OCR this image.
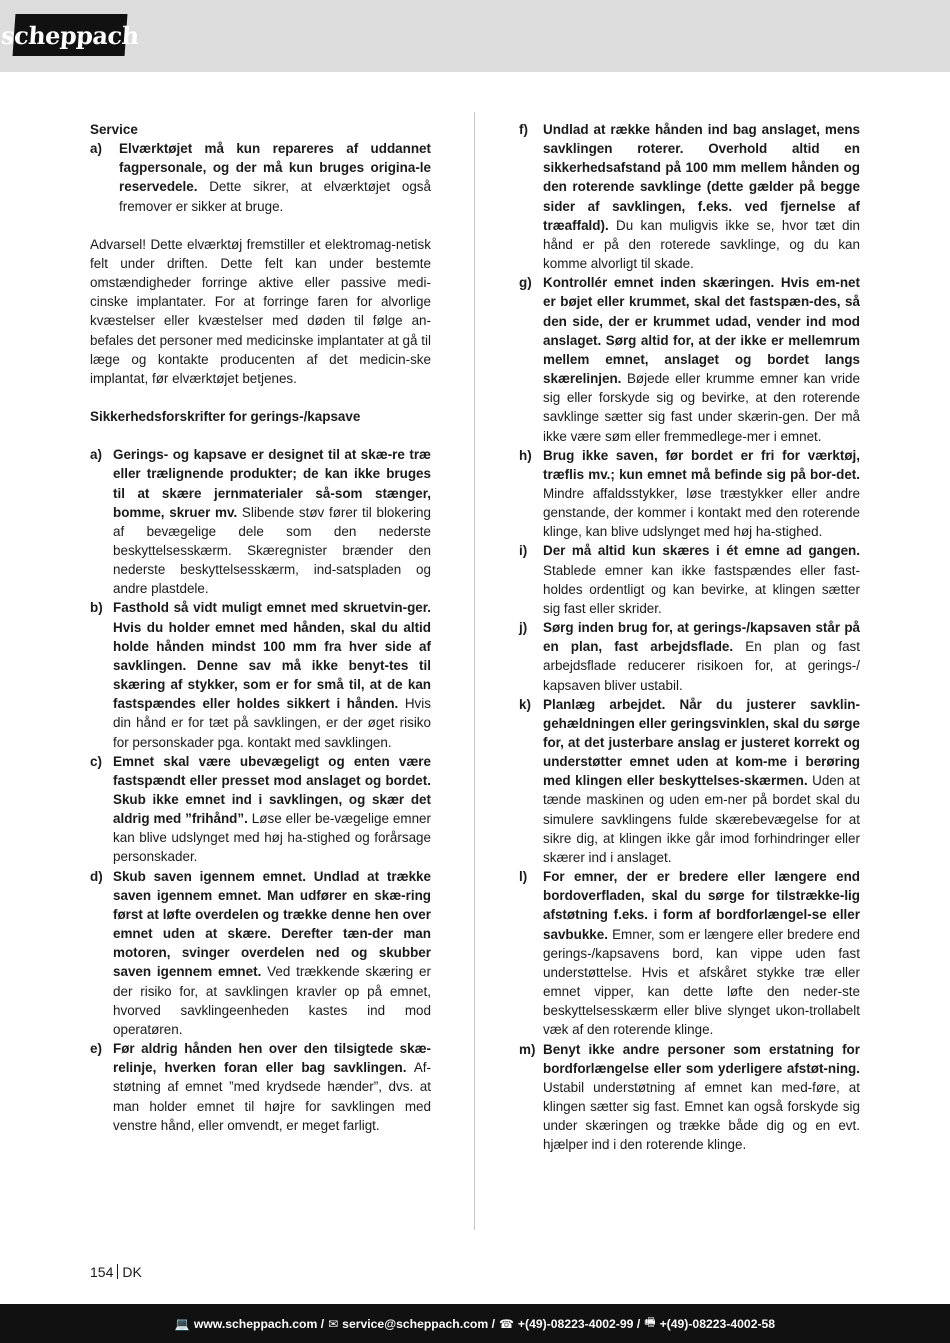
scheppach
Service
a) Elværktøjet må kun repareres af uddannet fagpersonale, og der må kun bruges origina-le reservedele. Dette sikrer, at elværktøjet også fremover er sikker at bruge.
Advarsel! Dette elværktøj fremstiller et elektromag-netisk felt under driften. Dette felt kan under bestemte omstændigheder forringe aktive eller passive medi-cinske implantater. For at forringe faren for alvorlige kvæstelser eller kvæstelser med døden til følge an-befales det personer med medicinske implantater at gå til læge og kontakte producenten af det medicin-ske implantat, før elværktøjet betjenes.
Sikkerhedsforskrifter for gerings-/kapsave
a) Gerings- og kapsave er designet til at skæ-re træ eller trælignende produkter; de kan ikke bruges til at skære jernmaterialer så-som stænger, bomme, skruer mv. Slibende støv fører til blokering af bevægelige dele som den nederste beskyttelsesskærm. Skæregnister brænder den nederste beskyttelsesskærm, ind-satspladen og andre plastdele.
b) Fasthold så vidt muligt emnet med skruetvin-ger. Hvis du holder emnet med hånden, skal du altid holde hånden mindst 100 mm fra hver side af savklingen. Denne sav må ikke benyt-tes til skæring af stykker, som er for små til, at de kan fastspændes eller holdes sikkert i hånden. Hvis din hånd er for tæt på savklingen, er der øget risiko for personskader pga. kontakt med savklingen.
c) Emnet skal være ubevægeligt og enten være fastspændt eller presset mod anslaget og bordet. Skub ikke emnet ind i savklingen, og skær det aldrig med ”frihånd”. Løse eller be-vægelige emner kan blive udslynget med høj ha-stighed og forårsage personskader.
d) Skub saven igennem emnet. Undlad at trække saven igennem emnet. Man udfører en skæ-ring først at løfte overdelen og trække denne hen over emnet uden at skære. Derefter tæn-der man motoren, svinger overdelen ned og skubber saven igennem emnet. Ved trækkende skæring er der risiko for, at savklingen kravler op på emnet, hvorved savklingeenheden kastes ind mod operatøren.
e) Før aldrig hånden hen over den tilsigtede skæ-relinje, hverken foran eller bag savklingen. Af-støtning af emnet ”med krydsede hænder”, dvs. at man holder emnet til højre for savklingen med venstre hånd, eller omvendt, er meget farligt.
f) Undlad at række hånden ind bag anslaget, mens savklingen roterer. Overhold altid en sikkerhedsafstand på 100 mm mellem hånden og den roterende savklinge (dette gælder på begge sider af savklingen, f.eks. ved fjernelse af træaffald). Du kan muligvis ikke se, hvor tæt din hånd er på den roterede savklinge, og du kan komme alvorligt til skade.
g) Kontrollér emnet inden skæringen. Hvis em-net er bøjet eller krummet, skal det fastspæn-des, så den side, der er krummet udad, vender ind mod anslaget. Sørg altid for, at der ikke er mellemrum mellem emnet, anslaget og bordet langs skærelinjen. Bøjede eller krumme emner kan vride sig eller forskyde sig og bevirke, at den roterende savklinge sætter sig fast under skærin-gen. Der må ikke være søm eller fremmedlege-mer i emnet.
h) Brug ikke saven, før bordet er fri for værktøj, træflis mv.; kun emnet må befinde sig på bor-det. Mindre affaldsstykker, løse træstykker eller andre genstande, der kommer i kontakt med den roterende klinge, kan blive udslynget med høj ha-stighed.
i) Der må altid kun skæres i ét emne ad gangen. Stablede emner kan ikke fastspændes eller fast-holdes ordentligt og kan bevirke, at klingen sætter sig fast eller skrider.
j) Sørg inden brug for, at gerings-/kapsaven står på en plan, fast arbejdsflade. En plan og fast arbejdsflade reducerer risikoen for, at gerings-/ kapsaven bliver ustabil.
k) Planlæg arbejdet. Når du justerer savklin-gehældningen eller geringsvinklen, skal du sørge for, at det justerbare anslag er justeret korrekt og understøtter emnet uden at kom-me i berøring med klingen eller beskyttelses-skærmen. Uden at tænde maskinen og uden em-ner på bordet skal du simulere savklingens fulde skærebevægelse for at sikre dig, at klingen ikke går imod forhindringer eller skærer ind i anslaget.
l) For emner, der er bredere eller længere end bordoverfladen, skal du sørge for tilstrække-lig afstøtning f.eks. i form af bordforlængel-se eller savbukke. Emner, som er længere eller bredere end gerings-/kapsavens bord, kan vippe uden fast understøttelse. Hvis et afskåret stykke træ eller emnet vipper, kan dette løfte den neder-ste beskyttelsesskærm eller blive slynget ukon-trollabelt væk af den roterende klinge.
m) Benyt ikke andre personer som erstatning for bordforlængelse eller som yderligere afstøt-ning. Ustabil understøtning af emnet kan med-føre, at klingen sætter sig fast. Emnet kan også forskyde sig under skæringen og trække både dig og en evt. hjælper ind i den roterende klinge.
154 DK
💻 www.scheppach.com / ✉ service@scheppach.com / ☎ +(49)-08223-4002-99 / 🖷 +(49)-08223-4002-58
